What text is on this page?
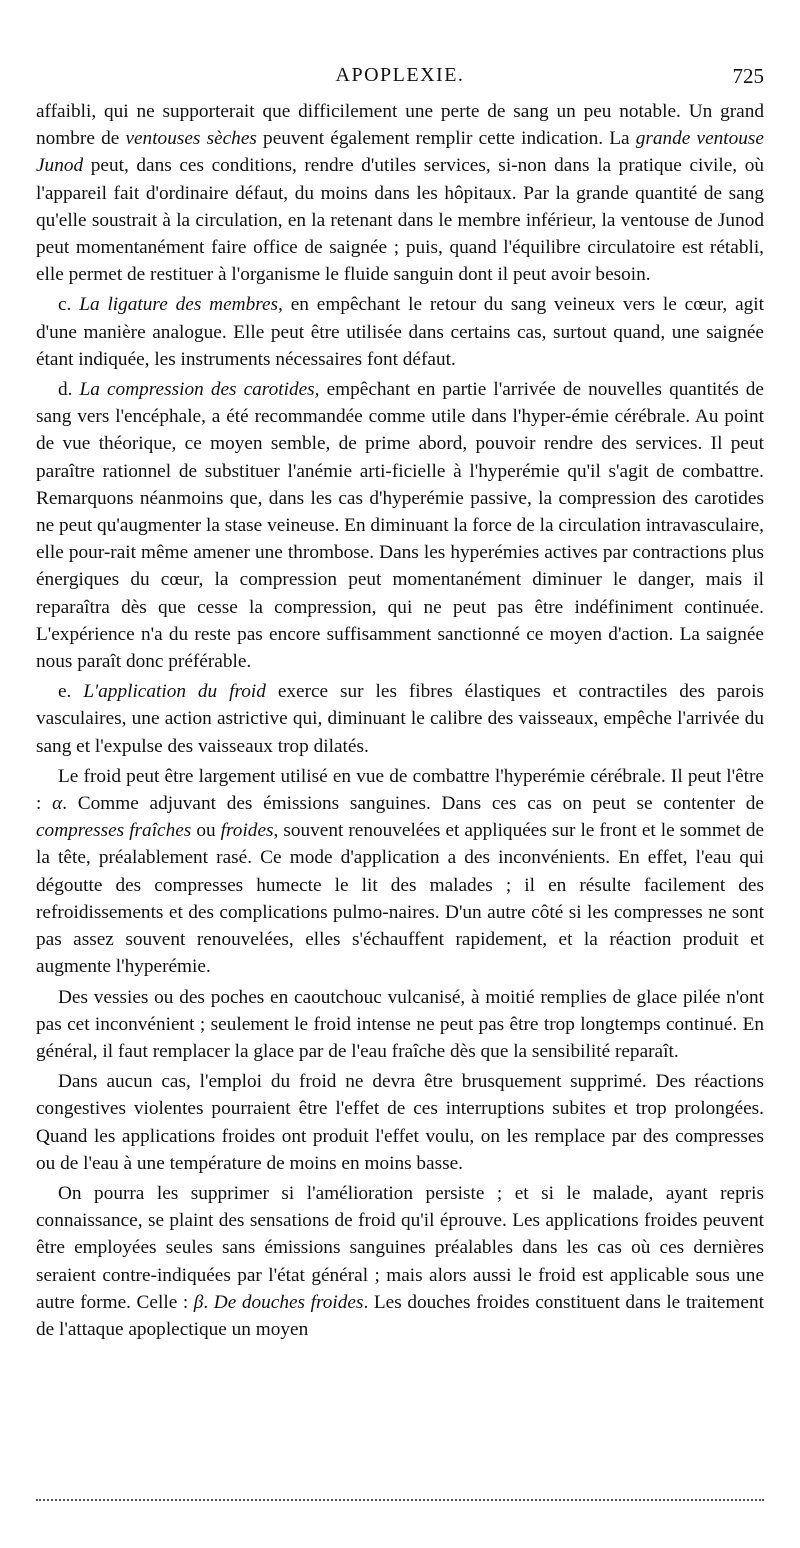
APOPLEXIE.	725

affaibli, qui ne supporterait que difficilement une perte de sang un peu notable. Un grand nombre de ventouses sèches peuvent également remplir cette indication. La grande ventouse Junod peut, dans ces conditions, rendre d'utiles services, si-non dans la pratique civile, où l'appareil fait d'ordinaire défaut, du moins dans les hôpitaux. Par la grande quantité de sang qu'elle soustrait à la circulation, en la retenant dans le membre inférieur, la ventouse de Junod peut momentanément faire office de saignée ; puis, quand l'équilibre circulatoire est rétabli, elle permet de restituer à l'organisme le fluide sanguin dont il peut avoir besoin.

c. La ligature des membres, en empêchant le retour du sang veineux vers le cœur, agit d'une manière analogue. Elle peut être utilisée dans certains cas, surtout quand, une saignée étant indiquée, les instruments nécessaires font défaut.

d. La compression des carotides, empêchant en partie l'arrivée de nouvelles quantités de sang vers l'encéphale, a été recommandée comme utile dans l'hyper-émie cérébrale. Au point de vue théorique, ce moyen semble, de prime abord, pouvoir rendre des services. Il peut paraître rationnel de substituer l'anémie arti-ficielle à l'hyperémie qu'il s'agit de combattre. Remarquons néanmoins que, dans les cas d'hyperémie passive, la compression des carotides ne peut qu'augmenter la stase veineuse. En diminuant la force de la circulation intravasculaire, elle pour-rait même amener une thrombose. Dans les hyperémies actives par contractions plus énergiques du cœur, la compression peut momentanément diminuer le danger, mais il reparaîtra dès que cesse la compression, qui ne peut pas être indéfiniment continuée. L'expérience n'a du reste pas encore suffisamment sanctionné ce moyen d'action. La saignée nous paraît donc préférable.

e. L'application du froid exerce sur les fibres élastiques et contractiles des parois vasculaires, une action astrictive qui, diminuant le calibre des vaisseaux, empêche l'arrivée du sang et l'expulse des vaisseaux trop dilatés.

Le froid peut être largement utilisé en vue de combattre l'hyperémie cérébrale. Il peut l'être : α. Comme adjuvant des émissions sanguines. Dans ces cas on peut se contenter de compresses fraîches ou froides, souvent renouvelées et appliquées sur le front et le sommet de la tête, préalablement rasé. Ce mode d'application a des inconvénients. En effet, l'eau qui dégoutte des compresses humecte le lit des malades ; il en résulte facilement des refroidissements et des complications pulmo-naires. D'un autre côté si les compresses ne sont pas assez souvent renouvelées, elles s'échauffent rapidement, et la réaction produit et augmente l'hyperémie.

Des vessies ou des poches en caoutchouc vulcanisé, à moitié remplies de glace pilée n'ont pas cet inconvénient ; seulement le froid intense ne peut pas être trop longtemps continué. En général, il faut remplacer la glace par de l'eau fraîche dès que la sensibilité reparaît.

Dans aucun cas, l'emploi du froid ne devra être brusquement supprimé. Des réactions congestives violentes pourraient être l'effet de ces interruptions subites et trop prolongées. Quand les applications froides ont produit l'effet voulu, on les remplace par des compresses ou de l'eau à une température de moins en moins basse.

On pourra les supprimer si l'amélioration persiste ; et si le malade, ayant repris connaissance, se plaint des sensations de froid qu'il éprouve. Les applications froides peuvent être employées seules sans émissions sanguines préalables dans les cas où ces dernières seraient contre-indiquées par l'état général ; mais alors aussi le froid est applicable sous une autre forme. Celle : β. De douches froides. Les douches froides constituent dans le traitement de l'attaque apoplectique un moyen
